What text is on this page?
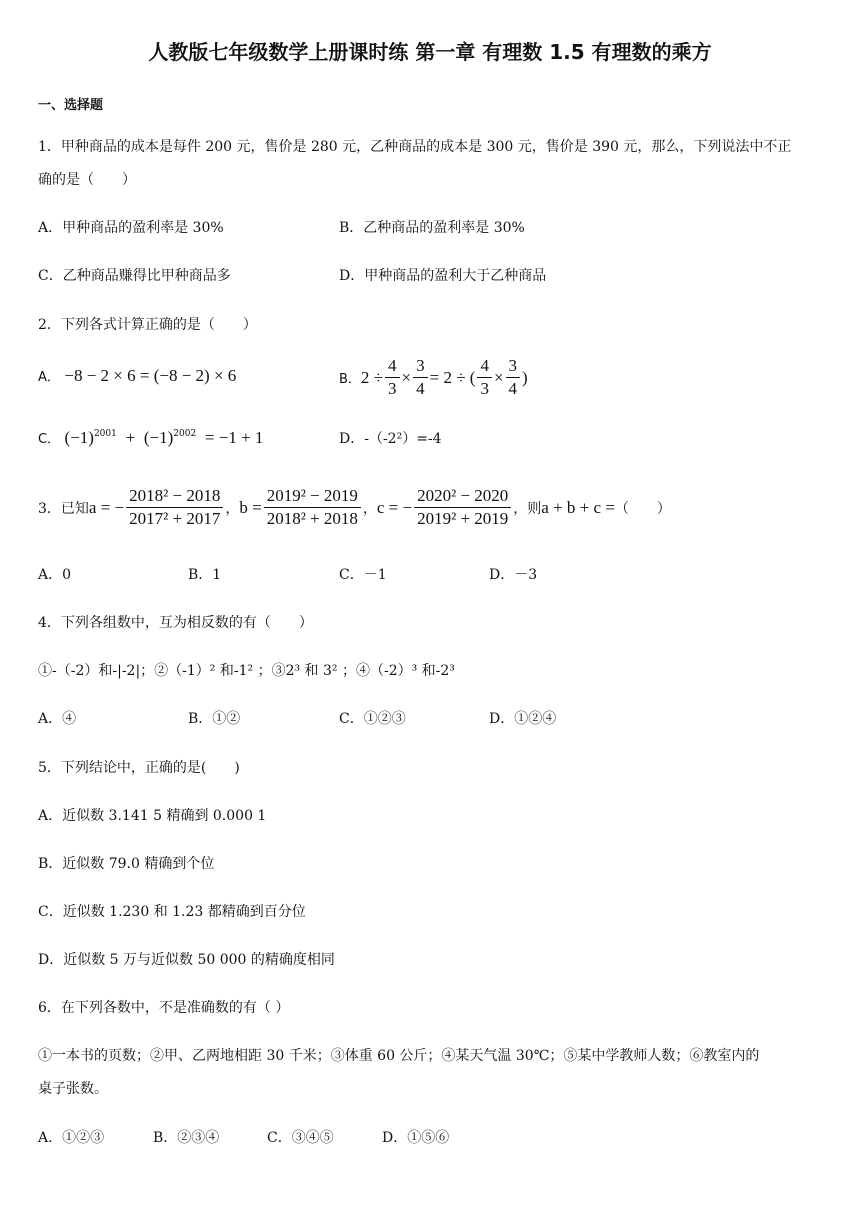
人教版七年级数学上册课时练 第一章 有理数 1.5 有理数的乘方
一、选择题
1．甲种商品的成本是每件 200 元，售价是 280 元，乙种商品的成本是 300 元，售价是 390 元，那么，下列说法中不正
确的是（　　）
A．甲种商品的盈利率是 30%	B．乙种商品的盈利率是 30%
C．乙种商品赚得比甲种商品多	D．甲种商品的盈利大于乙种商品
2．下列各式计算正确的是（　　）
A． −8 − 2 × 6 = (−8 − 2) × 6	B． $2 \div \frac{4}{3} \times \frac{3}{4} = 2$ ÷ ( $\frac{4}{3} \times \frac{3}{4}$ )
C． $(-1)^{2001} + (-1)^{2002} = -1 + 1$	D．-（-2²）=-4
3．已知 a = − $\frac{\text{2018² − 2018}}{\text{2017² + 2017}}$ ， $b = \frac{\text{2019² − 2019}}{\text{2018² + 2018}}$ ， c = − $\frac{\text{2020² − 2020}}{\text{2019² + 2019}}$ ，则 a + b + c = （　　）
A．0	B．1	C．－1	D．－3
4．下列各组数中，互为相反数的有（　　）
①-（-2）和-|-2|；②（-1）² 和-1² ；③2³ 和 3² ；④（-2）³ 和-2³
A．④	B．①②	C．①②③	D．①②④
5．下列结论中，正确的是(　　)
A．近似数 3.141 5 精确到 0.000 1
B．近似数 79.0 精确到个位
C．近似数 1.230 和 1.23 都精确到百分位
D．近似数 5 万与近似数 50 000 的精确度相同
6．在下列各数中，不是准确数的有（ ）
①一本书的页数；②甲、乙两地相距 30 千米；③体重 60 公斤；④某天气温 30℃；⑤某中学教师人数；⑥教室内的
桌子张数。
A．①②③	B．②③④	C．③④⑤	D．①⑤⑥
